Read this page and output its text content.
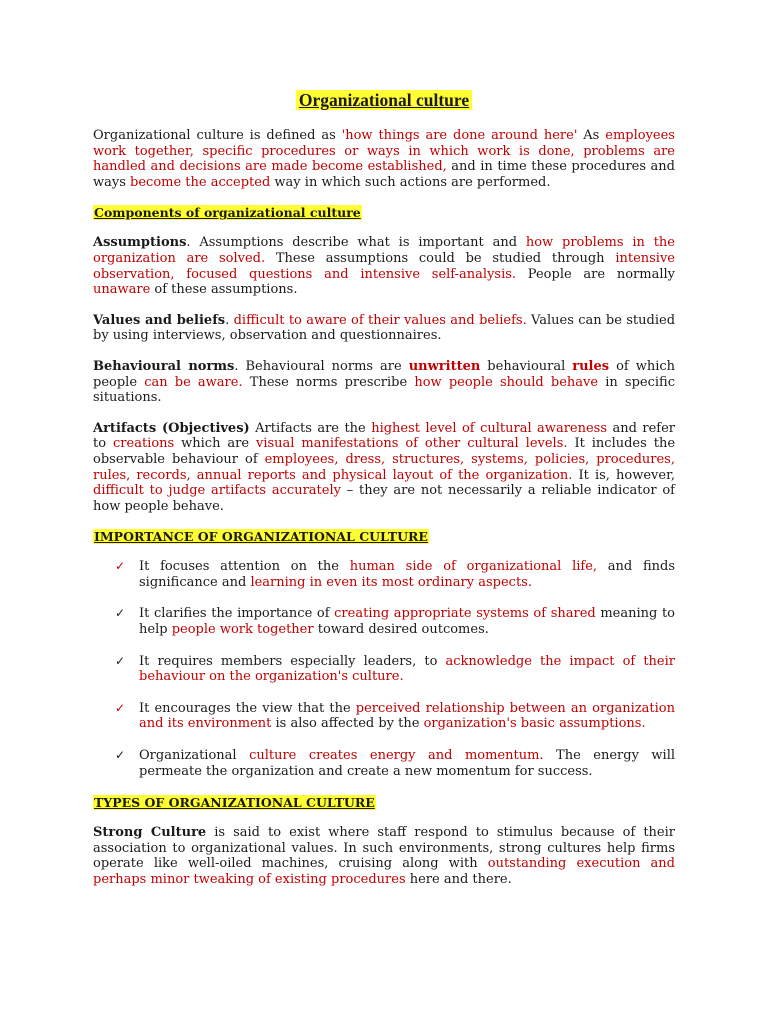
Organizational culture

Organizational culture is defined as 'how things are done around here' As employees work together, specific procedures or ways in which work is done, problems are handled and decisions are made become established, and in time these procedures and ways become the accepted way in which such actions are performed.

Components of organizational culture

Assumptions. Assumptions describe what is important and how problems in the organization are solved. These assumptions could be studied through intensive observation, focused questions and intensive self-analysis. People are normally unaware of these assumptions.

Values and beliefs. difficult to aware of their values and beliefs. Values can be studied by using interviews, observation and questionnaires.

Behavioural norms. Behavioural norms are unwritten behavioural rules of which people can be aware. These norms prescribe how people should behave in specific situations.

Artifacts (Objectives) Artifacts are the highest level of cultural awareness and refer to creations which are visual manifestations of other cultural levels. It includes the observable behaviour of employees, dress, structures, systems, policies, procedures, rules, records, annual reports and physical layout of the organization. It is, however, difficult to judge artifacts accurately – they are not necessarily a reliable indicator of how people behave.

IMPORTANCE OF ORGANIZATIONAL CULTURE
✓ It focuses attention on the human side of organizational life, and finds significance and learning in even its most ordinary aspects.
✓ It clarifies the importance of creating appropriate systems of shared meaning to help people work together toward desired outcomes.
✓ It requires members especially leaders, to acknowledge the impact of their behaviour on the organization's culture.
✓ It encourages the view that the perceived relationship between an organization and its environment is also affected by the organization's basic assumptions.
✓ Organizational culture creates energy and momentum. The energy will permeate the organization and create a new momentum for success.
TYPES OF ORGANIZATIONAL CULTURE

Strong Culture is said to exist where staff respond to stimulus because of their association to organizational values. In such environments, strong cultures help firms operate like well-oiled machines, cruising along with outstanding execution and perhaps minor tweaking of existing procedures here and there.
